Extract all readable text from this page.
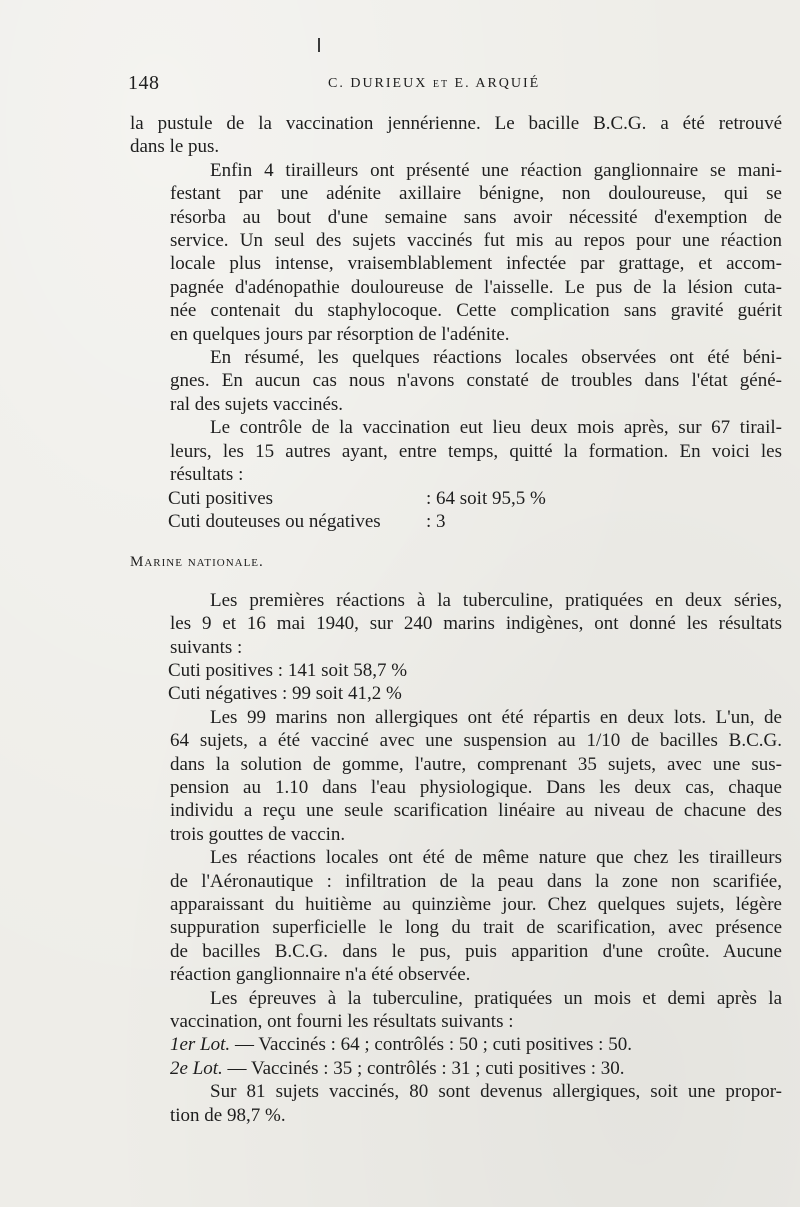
148	C. DURIEUX et E. ARQUIÉ

la pustule de la vaccination jennérienne. Le bacille B.C.G. a été retrouvé
dans le pus.

Enfin 4 tirailleurs ont présenté une réaction ganglionnaire se mani-
festant par une adénite axillaire bénigne, non douloureuse, qui se
résorba au bout d'une semaine sans avoir nécessité d'exemption de
service. Un seul des sujets vaccinés fut mis au repos pour une réaction
locale plus intense, vraisemblablement infectée par grattage, et accom-
pagnée d'adénopathie douloureuse de l'aisselle. Le pus de la lésion cuta-
née contenait du staphylocoque. Cette complication sans gravité guérit
en quelques jours par résorption de l'adénite.

En résumé, les quelques réactions locales observées ont été béni-
gnes. En aucun cas nous n'avons constaté de troubles dans l'état géné-
ral des sujets vaccinés.

Le contrôle de la vaccination eut lieu deux mois après, sur 67 tirail-
leurs, les 15 autres ayant, entre temps, quitté la formation. En voici les
résultats :

Cuti positives	: 64 soit 95,5 %
Cuti douteuses ou négatives	: 3
Marine nationale.

Les premières réactions à la tuberculine, pratiquées en deux séries,
les 9 et 16 mai 1940, sur 240 marins indigènes, ont donné les résultats
suivants :

Cuti positives : 141 soit 58,7 %
Cuti négatives : 99 soit 41,2 %

Les 99 marins non allergiques ont été répartis en deux lots. L'un, de
64 sujets, a été vacciné avec une suspension au 1/10 de bacilles B.C.G.
dans la solution de gomme, l'autre, comprenant 35 sujets, avec une sus-
pension au 1.10 dans l'eau physiologique. Dans les deux cas, chaque
individu a reçu une seule scarification linéaire au niveau de chacune des
trois gouttes de vaccin.

Les réactions locales ont été de même nature que chez les tirailleurs
de l'Aéronautique : infiltration de la peau dans la zone non scarifiée,
apparaissant du huitième au quinzième jour. Chez quelques sujets, légère
suppuration superficielle le long du trait de scarification, avec présence
de bacilles B.C.G. dans le pus, puis apparition d'une croûte. Aucune
réaction ganglionnaire n'a été observée.

Les épreuves à la tuberculine, pratiquées un mois et demi après la
vaccination, ont fourni les résultats suivants :

1er Lot. — Vaccinés : 64 ; contrôlés : 50 ; cuti positives : 50.
2e Lot. — Vaccinés : 35 ; contrôlés : 31 ; cuti positives : 30.

Sur 81 sujets vaccinés, 80 sont devenus allergiques, soit une propor-
tion de 98,7 %.
